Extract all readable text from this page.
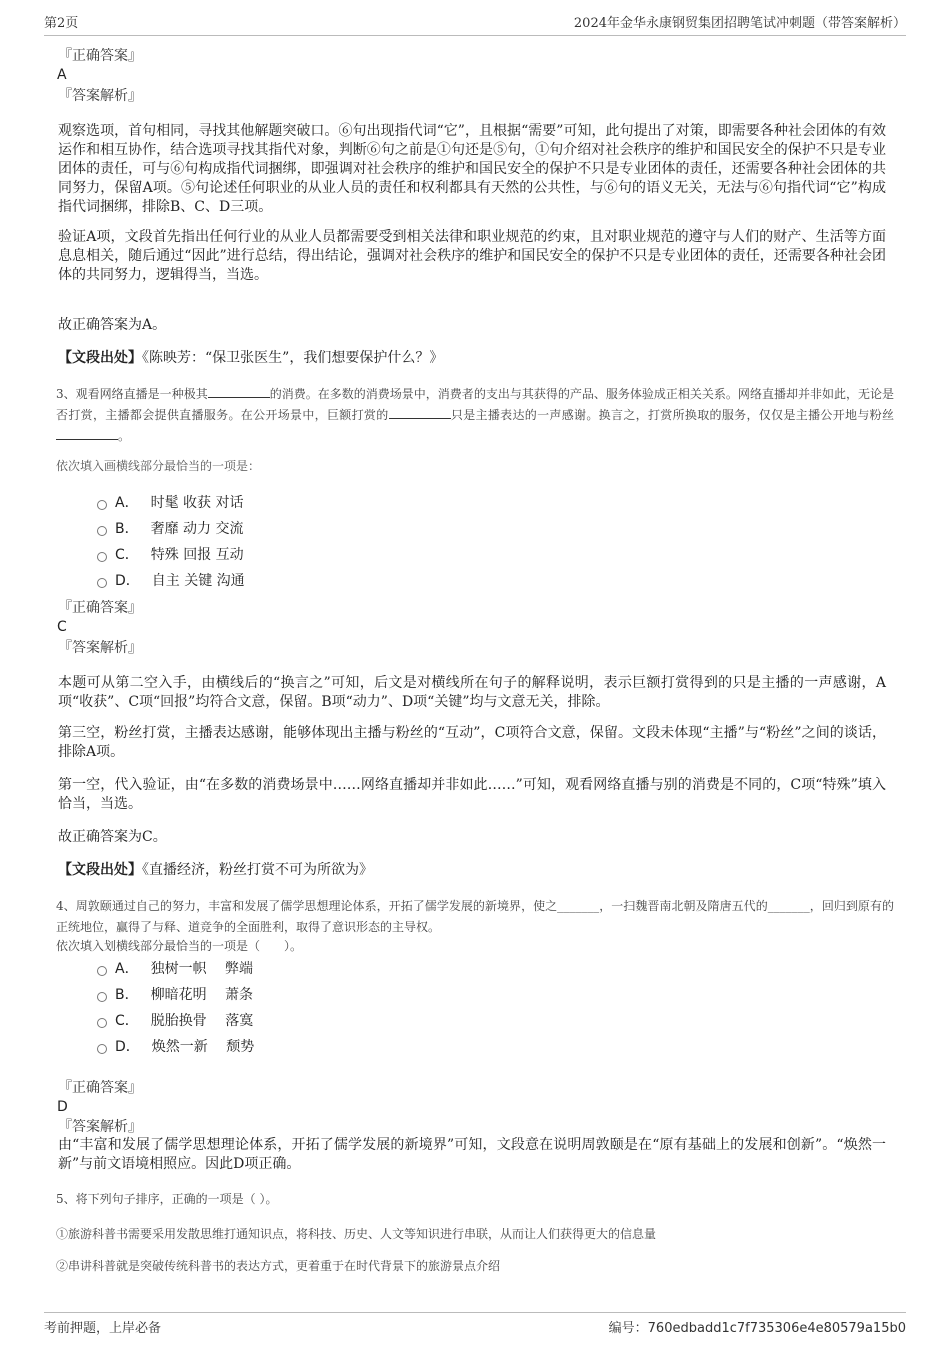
第2页	2024年金华永康钢贸集团招聘笔试冲刺题（带答案解析）
『正确答案』
A
『答案解析』
观察选项，首句相同，寻找其他解题突破口。⑥句出现指代词“它”，且根据“需要”可知，此句提出了对策，即需要各种社会团体的有效运作和相互协作，结合选项寻找其指代对象，判断⑥句之前是①句还是⑤句，①句介绍对社会秩序的维护和国民安全的保护不只是专业团体的责任，可与⑥句构成指代词捆绑，即强调对社会秩序的维护和国民安全的保护不只是专业团体的责任，还需要各种社会团体的共同努力，保留A项。⑤句论述任何职业的从业人员的责任和权利都具有天然的公共性，与⑥句的语义无关，无法与⑥句指代词“它”构成指代词捆绑，排除B、C、D三项。
验证A项，文段首先指出任何行业的从业人员都需要受到相关法律和职业规范的约束，且对职业规范的遵守与人们的财产、生活等方面息息相关，随后通过“因此”进行总结，得出结论，强调对社会秩序的维护和国民安全的保护不只是专业团体的责任，还需要各种社会团体的共同努力，逻辑得当，当选。
故正确答案为A。
【文段出处】《陈映芳：“保卫张医生”，我们想要保护什么？》
3、观看网络直播是一种极其	的消费。在多数的消费场景中，消费者的支出与其获得的产品、服务体验成正相关关系。网络直播却并非如此，无论是否打赏，主播都会提供直播服务。在公开场景中，巨额打赏的	只是主播表达的一声感谢。换言之，打赏所换取的服务，仅仅是主播公开地与粉丝。
依次填入画横线部分最恰当的一项是：
A． 时髦 收获 对话
B． 奢靡 动力 交流
C． 特殊 回报 互动
D． 自主 关键 沟通
『正确答案』
C
『答案解析』
本题可从第二空入手，由横线后的“换言之”可知，后文是对横线所在句子的解释说明，表示巨额打赏得到的只是主播的一声感谢，A项“收获”、C项“回报”均符合文意，保留。B项“动力”、D项“关键”均与文意无关，排除。
第三空，粉丝打赏，主播表达感谢，能够体现出主播与粉丝的“互动”，C项符合文意，保留。文段未体现“主播”与“粉丝”之间的谈话，排除A项。
第一空，代入验证，由“在多数的消费场景中……网络直播却并非如此……”可知，观看网络直播与别的消费是不同的，C项“特殊”填入恰当，当选。
故正确答案为C。
【文段出处】《直播经济，粉丝打赏不可为所欲为》
4、周敦颐通过自己的努力，丰富和发展了儒学思想理论体系，开拓了儒学发展的新境界，使之_______，一扫魏晋南北朝及隋唐五代的_______，回归到原有的正统地位，赢得了与释、道竞争的全面胜利，取得了意识形态的主导权。
依次填入划横线部分最恰当的一项是（　　）。
A． 独树一帜　 弊端
B． 柳暗花明　 萧条
C． 脱胎换骨　 落寞
D． 焕然一新　 颓势
『正确答案』
D
『答案解析』
由“丰富和发展了儒学思想理论体系，开拓了儒学发展的新境界”可知，文段意在说明周敦颐是在“原有基础上的发展和创新”。“焕然一新”与前文语境相照应。因此D项正确。
5、将下列句子排序，正确的一项是（ ）。
①旅游科普书需要采用发散思维打通知识点，将科技、历史、人文等知识进行串联，从而让人们获得更大的信息量
②串讲科普就是突破传统科普书的表达方式，更着重于在时代背景下的旅游景点介绍
考前押题，上岸必备	编号：760edbadd1c7f735306e4e80579a15b0
